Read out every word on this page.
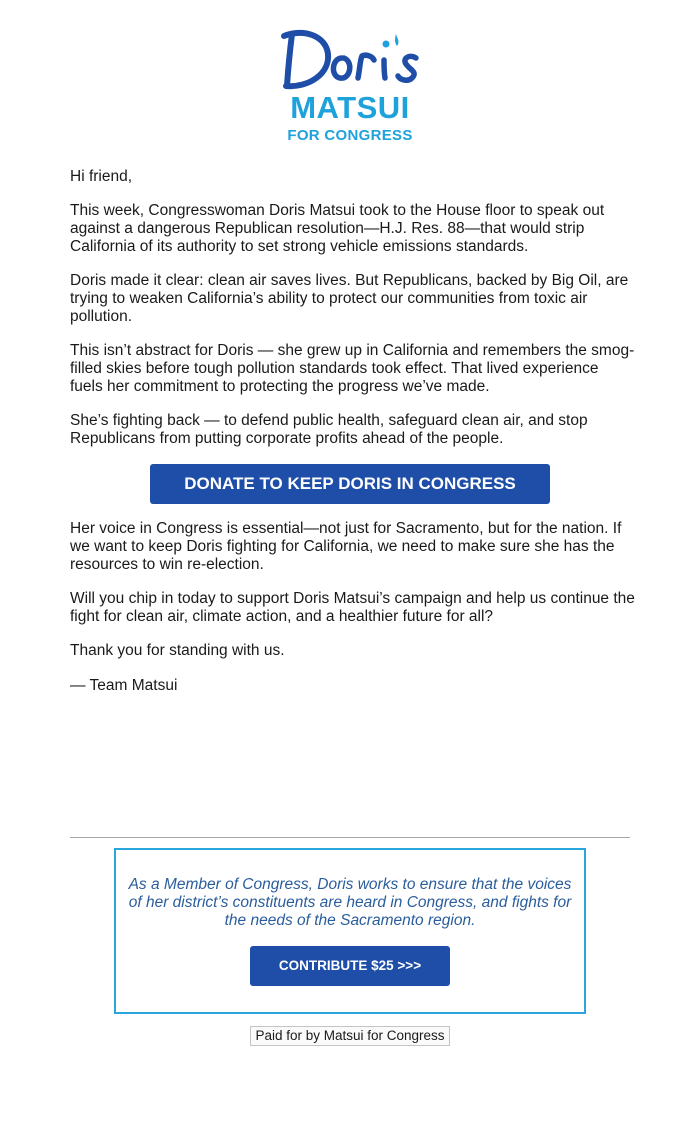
MATSUI
FOR CONGRESS

Hi friend,

This week, Congresswoman Doris Matsui took to the House floor to speak out against a dangerous Republican resolution—H.J. Res. 88—that would strip California of its authority to set strong vehicle emissions standards.

Doris made it clear: clean air saves lives. But Republicans, backed by Big Oil, are trying to weaken California’s ability to protect our communities from toxic air pollution.

This isn’t abstract for Doris — she grew up in California and remembers the smog-filled skies before tough pollution standards took effect. That lived experience fuels her commitment to protecting the progress we’ve made.

She’s fighting back — to defend public health, safeguard clean air, and stop Republicans from putting corporate profits ahead of the people.

DONATE TO KEEP DORIS IN CONGRESS

Her voice in Congress is essential—not just for Sacramento, but for the nation. If we want to keep Doris fighting for California, we need to make sure she has the resources to win re-election.

Will you chip in today to support Doris Matsui’s campaign and help us continue the fight for clean air, climate action, and a healthier future for all?

Thank you for standing with us.

— Team Matsui

As a Member of Congress, Doris works to ensure that the voices of her district’s constituents are heard in Congress, and fights for the needs of the Sacramento region.

CONTRIBUTE $25 >>>
Paid for by Matsui for Congress
